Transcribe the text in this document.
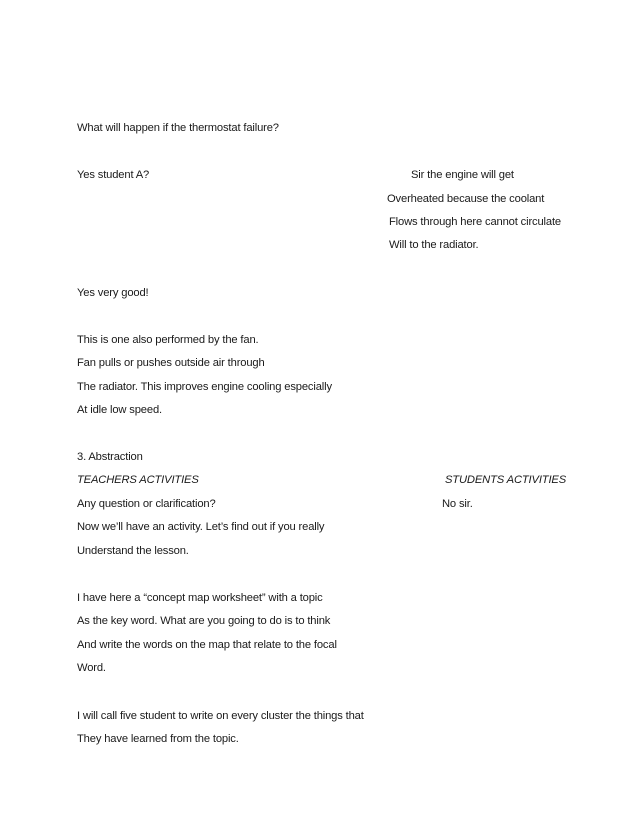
What will happen if the thermostat failure?
Yes student A?	Sir the engine will get
Overheated because the coolant
Flows through here cannot circulate
Will to the radiator.
Yes very good!
This is one also performed by the fan.
Fan pulls or pushes outside air through
The radiator. This improves engine cooling especially
At idle low speed.
3. Abstraction
TEACHERS ACTIVITIES	STUDENTS ACTIVITIES
Any question or clarification?	No sir.
Now we’ll have an activity. Let’s find out if you really
Understand the lesson.
I have here a “concept map worksheet” with a topic
As the key word. What are you going to do is to think
And write the words on the map that relate to the focal
Word.
I will call five student to write on every cluster the things that
They have learned from the topic.
